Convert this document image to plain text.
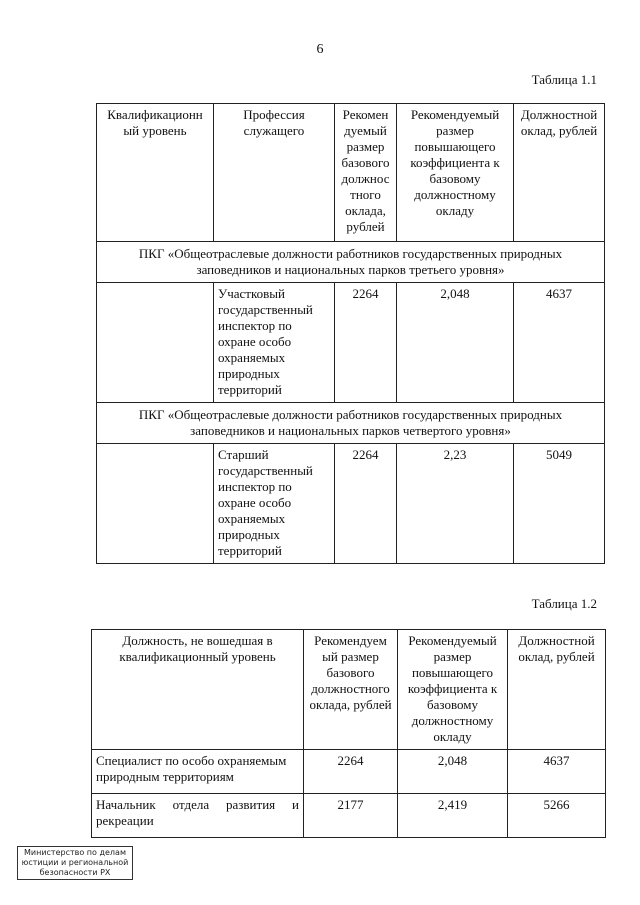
6
Таблица 1.1
Квалификационн ый уровень	Профессия служащего	Рекомен дуемый размер базового должнос тного оклада, рублей	Рекомендуемый размер повышающего коэффициента к базовому должностному окладу	Должностной оклад, рублей
ПКГ «Общеотраслевые должности работников государственных природных заповедников и национальных парков третьего уровня»				
	Участковый государственный инспектор по охране особо охраняемых природных территорий	2264	2,048	4637
ПКГ «Общеотраслевые должности работников государственных природных заповедников и национальных парков четвертого уровня»				
	Старший государственный инспектор по охране особо охраняемых природных территорий	2264	2,23	5049
Таблица 1.2
Должность, не вошедшая в квалификационный уровень	Рекомендуем ый размер базового должностного оклада, рублей	Рекомендуемый размер повышающего коэффициента к базовому должностному окладу	Должностной оклад, рублей
Специалист по особо охраняемым природным территориям	2264	2,048	4637
Начальник отдела развития и рекреации	2177	2,419	5266
Министерство по делам
юстиции и региональной
безопасности РХ
